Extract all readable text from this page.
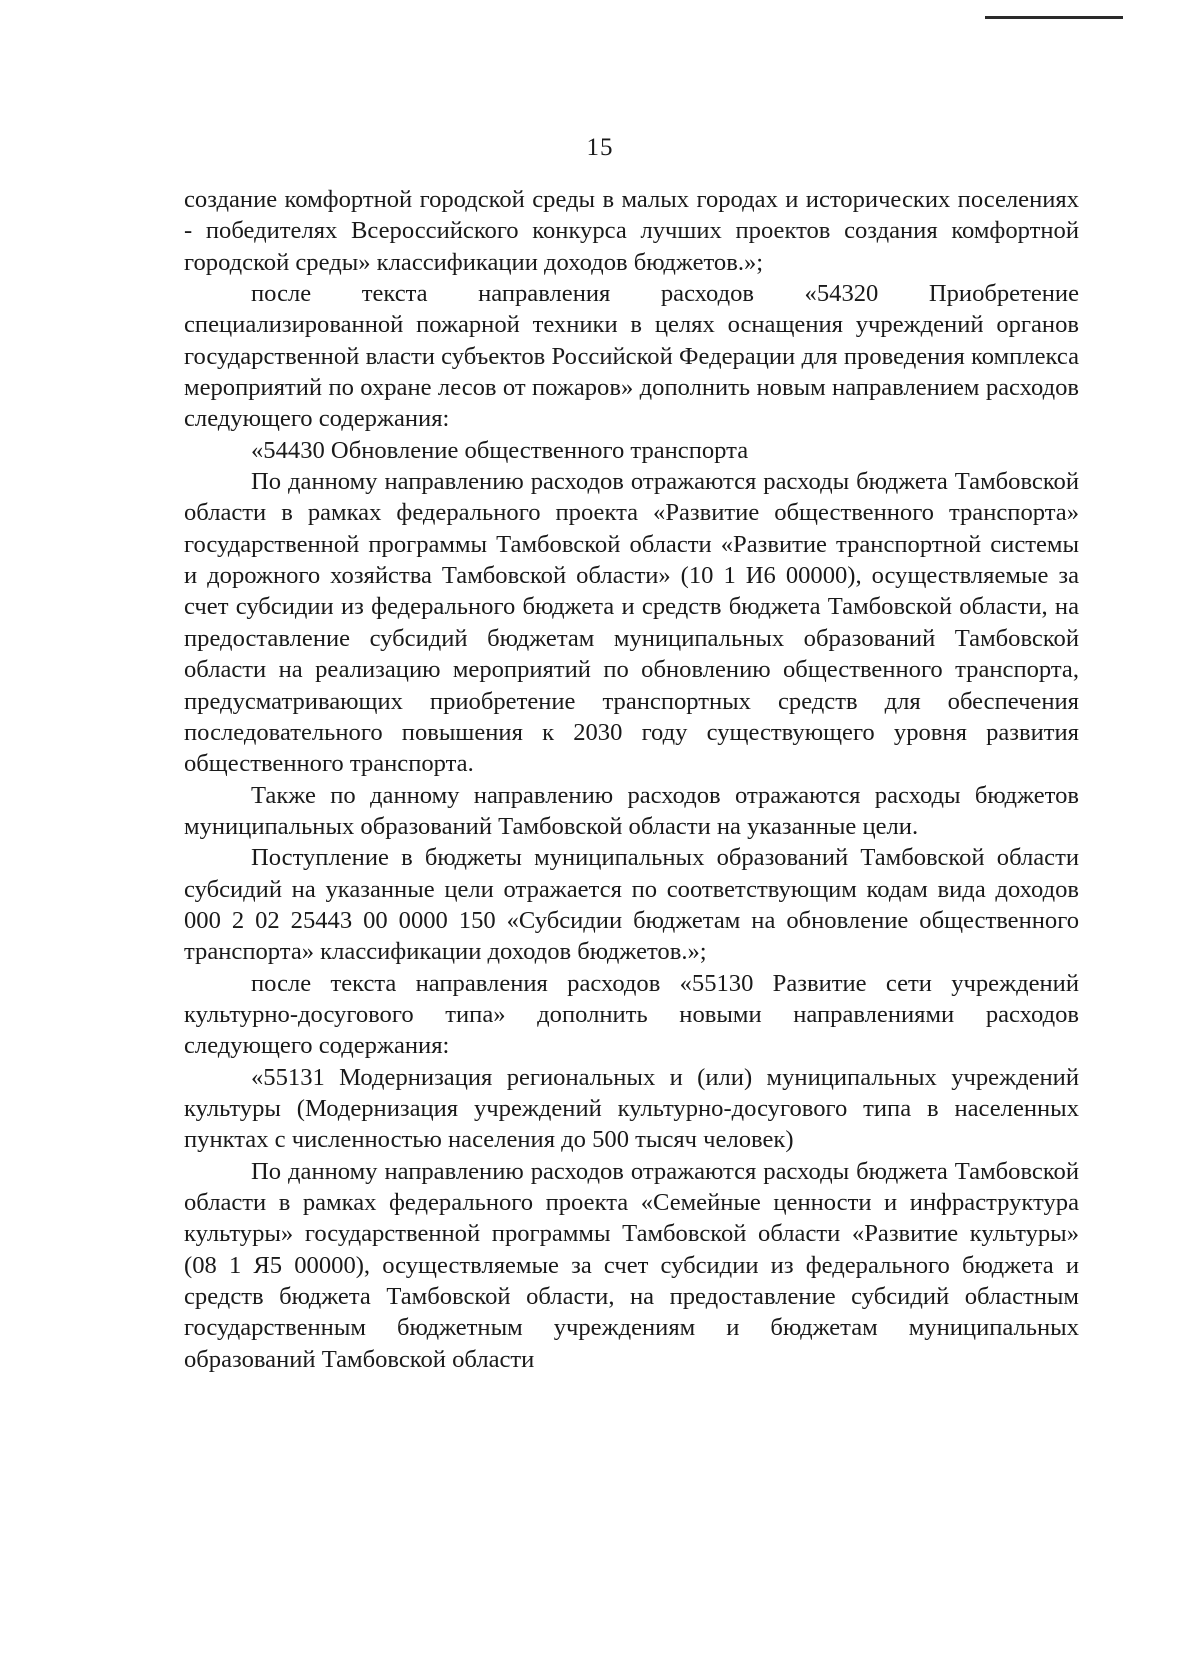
15

создание комфортной городской среды в малых городах и исторических поселениях - победителях Всероссийского конкурса лучших проектов создания комфортной городской среды» классификации доходов бюджетов.»;

после текста направления расходов «54320 Приобретение специализированной пожарной техники в целях оснащения учреждений органов государственной власти субъектов Российской Федерации для проведения комплекса мероприятий по охране лесов от пожаров» дополнить новым направлением расходов следующего содержания:

«54430 Обновление общественного транспорта

По данному направлению расходов отражаются расходы бюджета Тамбовской области в рамках федерального проекта «Развитие общественного транспорта» государственной программы Тамбовской области «Развитие транспортной системы и дорожного хозяйства Тамбовской области» (10 1 И6 00000), осуществляемые за счет субсидии из федерального бюджета и средств бюджета Тамбовской области, на предоставление субсидий бюджетам муниципальных образований Тамбовской области на реализацию мероприятий по обновлению общественного транспорта, предусматривающих приобретение транспортных средств для обеспечения последовательного повышения к 2030 году существующего уровня развития общественного транспорта.

Также по данному направлению расходов отражаются расходы бюджетов муниципальных образований Тамбовской области на указанные цели.

Поступление в бюджеты муниципальных образований Тамбовской области субсидий на указанные цели отражается по соответствующим кодам вида доходов 000 2 02 25443 00 0000 150 «Субсидии бюджетам на обновление общественного транспорта» классификации доходов бюджетов.»;

после текста направления расходов «55130 Развитие сети учреждений культурно-досугового типа» дополнить новыми направлениями расходов следующего содержания:

«55131 Модернизация региональных и (или) муниципальных учреждений культуры (Модернизация учреждений культурно-досугового типа в населенных пунктах с численностью населения до 500 тысяч человек)

По данному направлению расходов отражаются расходы бюджета Тамбовской области в рамках федерального проекта «Семейные ценности и инфраструктура культуры» государственной программы Тамбовской области «Развитие культуры» (08 1 Я5 00000), осуществляемые за счет субсидии из федерального бюджета и средств бюджета Тамбовской области, на предоставление субсидий областным государственным бюджетным учреждениям и бюджетам муниципальных образований Тамбовской области
